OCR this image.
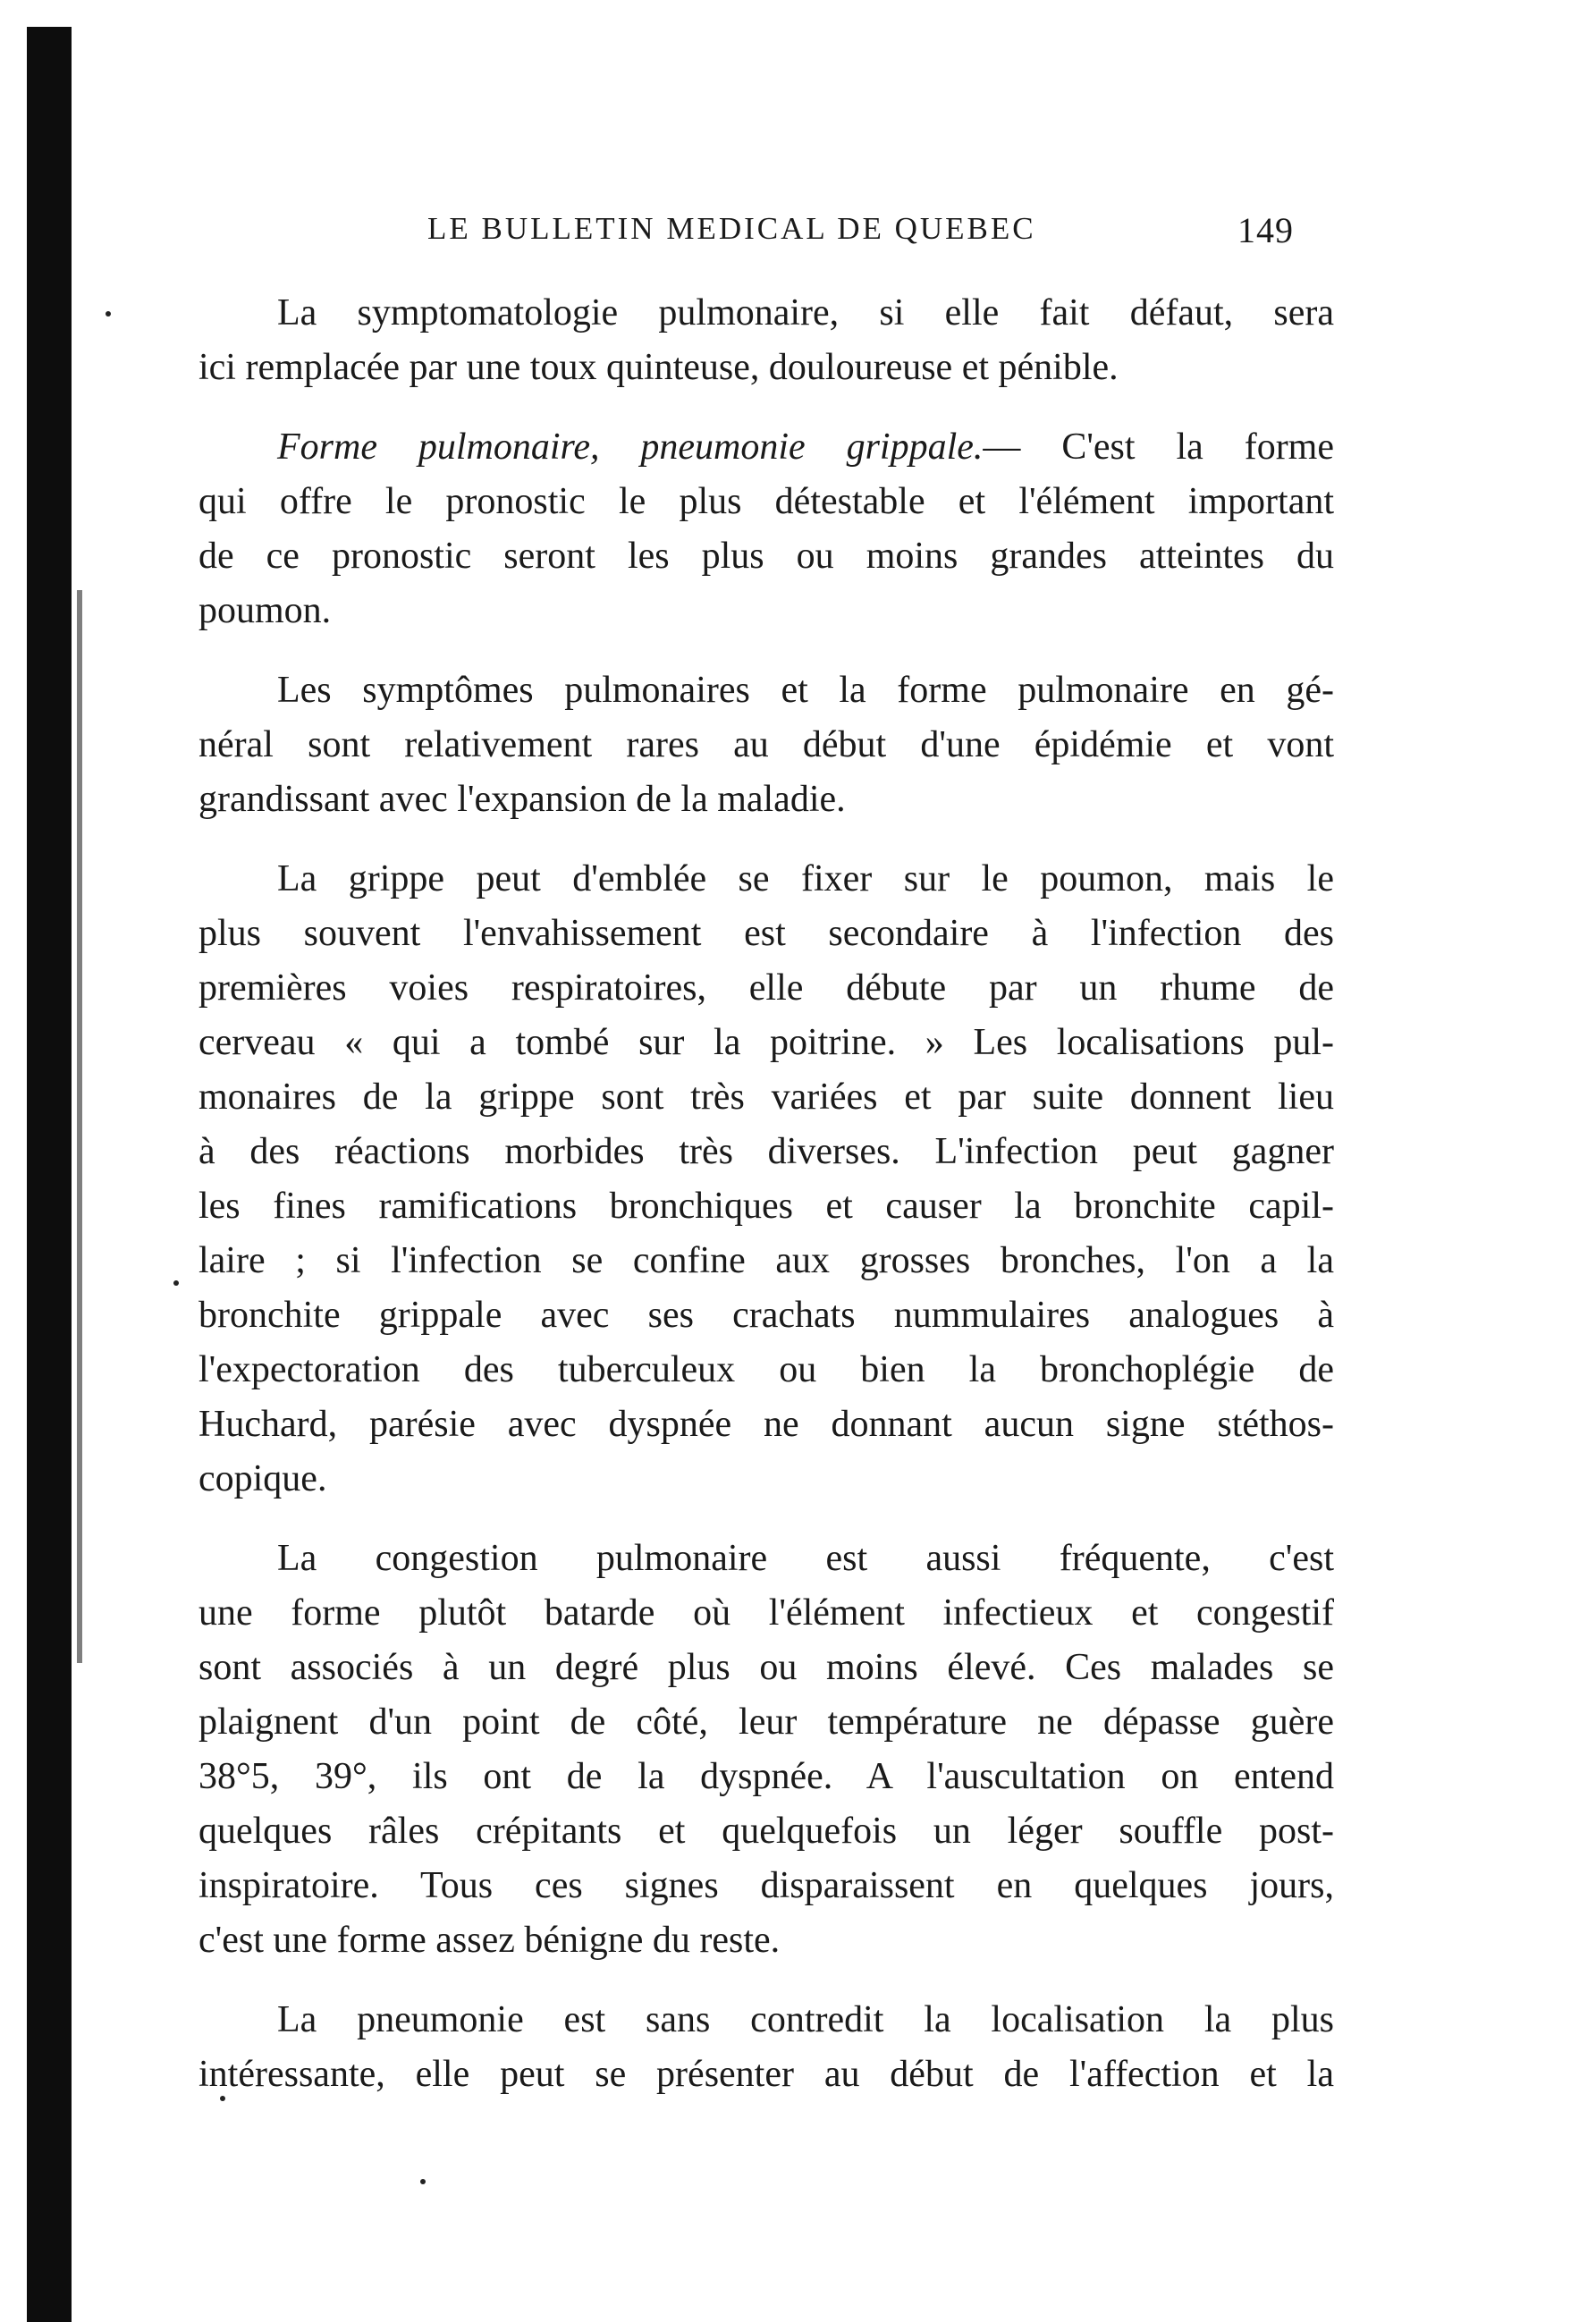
LE BULLETIN MEDICAL DE QUEBEC	149
La symptomatologie pulmonaire, si elle fait défaut, sera
ici remplacée par une toux quinteuse, douloureuse et pénible.
Forme pulmonaire, pneumonie grippale.— C'est la forme
qui offre le pronostic le plus détestable et l'élément important
de ce pronostic seront les plus ou moins grandes atteintes du
poumon.
Les symptômes pulmonaires et la forme pulmonaire en gé-
néral sont relativement rares au début d'une épidémie et vont
grandissant avec l'expansion de la maladie.
La grippe peut d'emblée se fixer sur le poumon, mais le
plus souvent l'envahissement est secondaire à l'infection des
premières voies respiratoires, elle débute par un rhume de
cerveau « qui a tombé sur la poitrine. » Les localisations pul-
monaires de la grippe sont très variées et par suite donnent lieu
à des réactions morbides très diverses. L'infection peut gagner
les fines ramifications bronchiques et causer la bronchite capil-
laire ; si l'infection se confine aux grosses bronches, l'on a la
bronchite grippale avec ses crachats nummulaires analogues à
l'expectoration des tuberculeux ou bien la bronchoplégie de
Huchard, parésie avec dyspnée ne donnant aucun signe stéthos-
copique.
La congestion pulmonaire est aussi fréquente, c'est
une forme plutôt batarde où l'élément infectieux et congestif
sont associés à un degré plus ou moins élevé. Ces malades se
plaignent d'un point de côté, leur température ne dépasse guère
38°5, 39°, ils ont de la dyspnée. A l'auscultation on entend
quelques râles crépitants et quelquefois un léger souffle post-
inspiratoire. Tous ces signes disparaissent en quelques jours,
c'est une forme assez bénigne du reste.
La pneumonie est sans contredit la localisation la plus
intéressante, elle peut se présenter au début de l'affection et la
